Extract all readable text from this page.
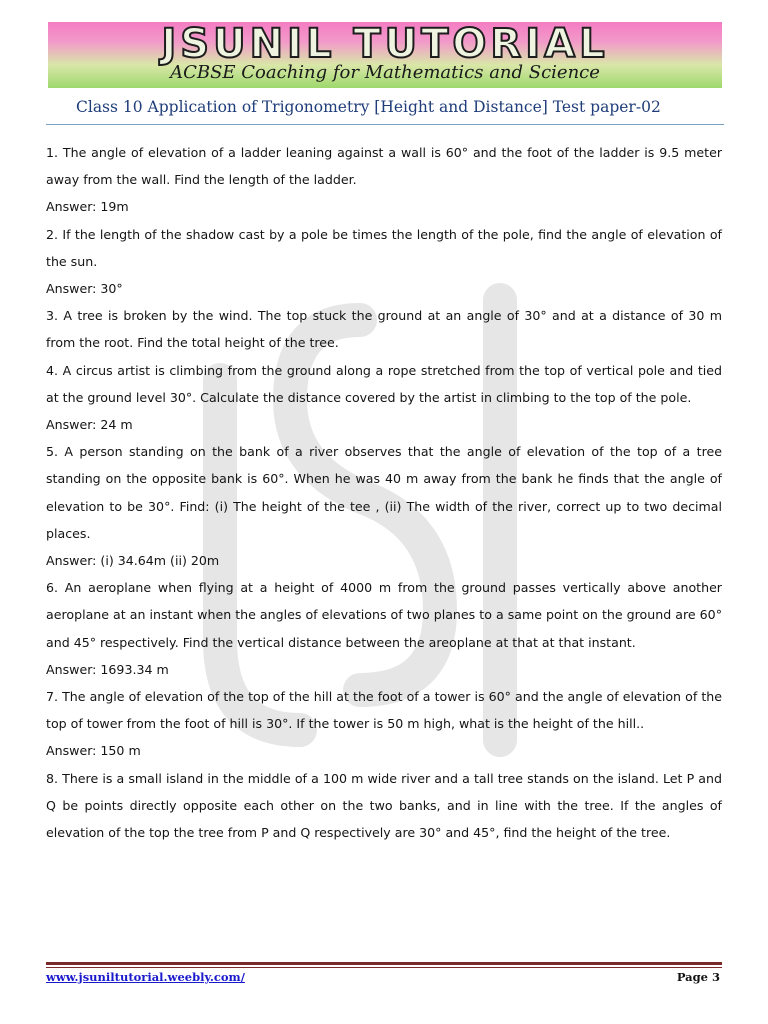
JSUNIL TUTORIAL
ACBSE Coaching for Mathematics and Science
Class 10 Application of Trigonometry [Height and Distance] Test paper-02

1. The angle of elevation of a ladder leaning against a wall is 60° and the foot of the ladder is 9.5 meter away from the wall. Find the length of the ladder.

Answer: 19m

2. If the length of the shadow cast by a pole be times the length of the pole, find the angle of elevation of the sun.

Answer: 30°

3. A tree is broken by the wind. The top stuck the ground at an angle of 30° and at a distance of 30 m from the root. Find the total height of the tree.

4. A circus artist is climbing from the ground along a rope stretched from the top of vertical pole and tied at the ground level 30°. Calculate the distance covered by the artist in climbing to the top of the pole.

Answer: 24 m

5. A person standing on the bank of a river observes that the angle of elevation of the top of a tree standing on the opposite bank is 60°. When he was 40 m away from the bank he finds that the angle of elevation to be 30°. Find: (i) The height of the tee , (ii) The width of the river, correct up to two decimal places.

Answer: (i) 34.64m (ii) 20m

6. An aeroplane when flying at a height of 4000 m from the ground passes vertically above another aeroplane at an instant when the angles of elevations of two planes to a same point on the ground are 60° and 45° respectively. Find the vertical distance between the areoplane at that at that instant.

Answer: 1693.34 m

7. The angle of elevation of the top of the hill at the foot of a tower is 60° and the angle of elevation of the top of tower from the foot of hill is 30°. If the tower is 50 m high, what is the height of the hill..

Answer: 150 m

8. There is a small island in the middle of a 100 m wide river and a tall tree stands on the island. Let P and Q be points directly opposite each other on the two banks, and in line with the tree. If the angles of elevation of the top the tree from P and Q respectively are 30° and 45°, find the height of the tree.

www.jsuniltutorial.weebly.com/	Page 3
